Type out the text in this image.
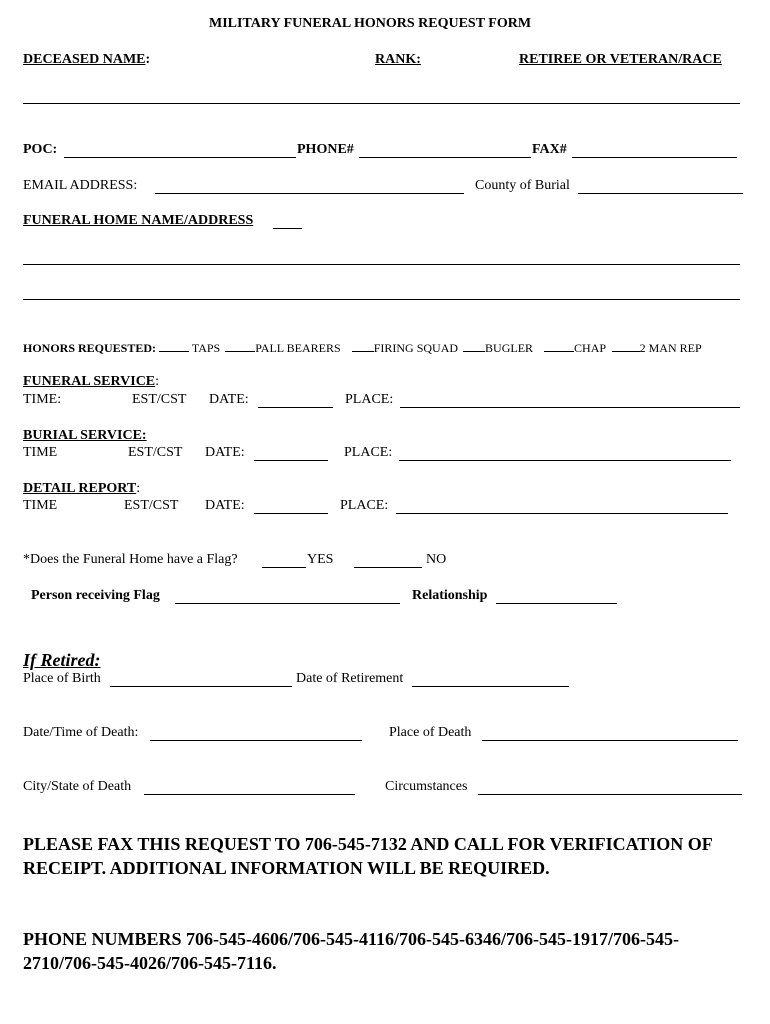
MILITARY FUNERAL HONORS REQUEST FORM
DECEASED NAME:	RANK:	RETIREE OR VETERAN/RACE
POC:	PHONE#	FAX#
EMAIL ADDRESS:	County of Burial
FUNERAL HOME NAME/ADDRESS
HONORS REQUESTED:	TAPS	PALL BEARERS	FIRING SQUAD BUGLER	CHAP	2 MAN REP
FUNERAL SERVICE:
TIME:	EST/CST DATE:	PLACE:
BURIAL SERVICE:
TIME	EST/CST DATE:	PLACE:
DETAIL REPORT:
TIME	EST/CST DATE:	PLACE:
*Does the Funeral Home have a Flag?	YES	NO
Person receiving Flag	Relationship
If Retired:
Place of Birth	Date of Retirement
Date/Time of Death:	Place of Death
City/State of Death	Circumstances
PLEASE FAX THIS REQUEST TO 706-545-7132 AND CALL FOR VERIFICATION OF RECEIPT. ADDITIONAL INFORMATION WILL BE REQUIRED.
PHONE NUMBERS 706-545-4606/706-545-4116/706-545-6346/706-545-1917/706-545-2710/706-545-4026/706-545-7116.
